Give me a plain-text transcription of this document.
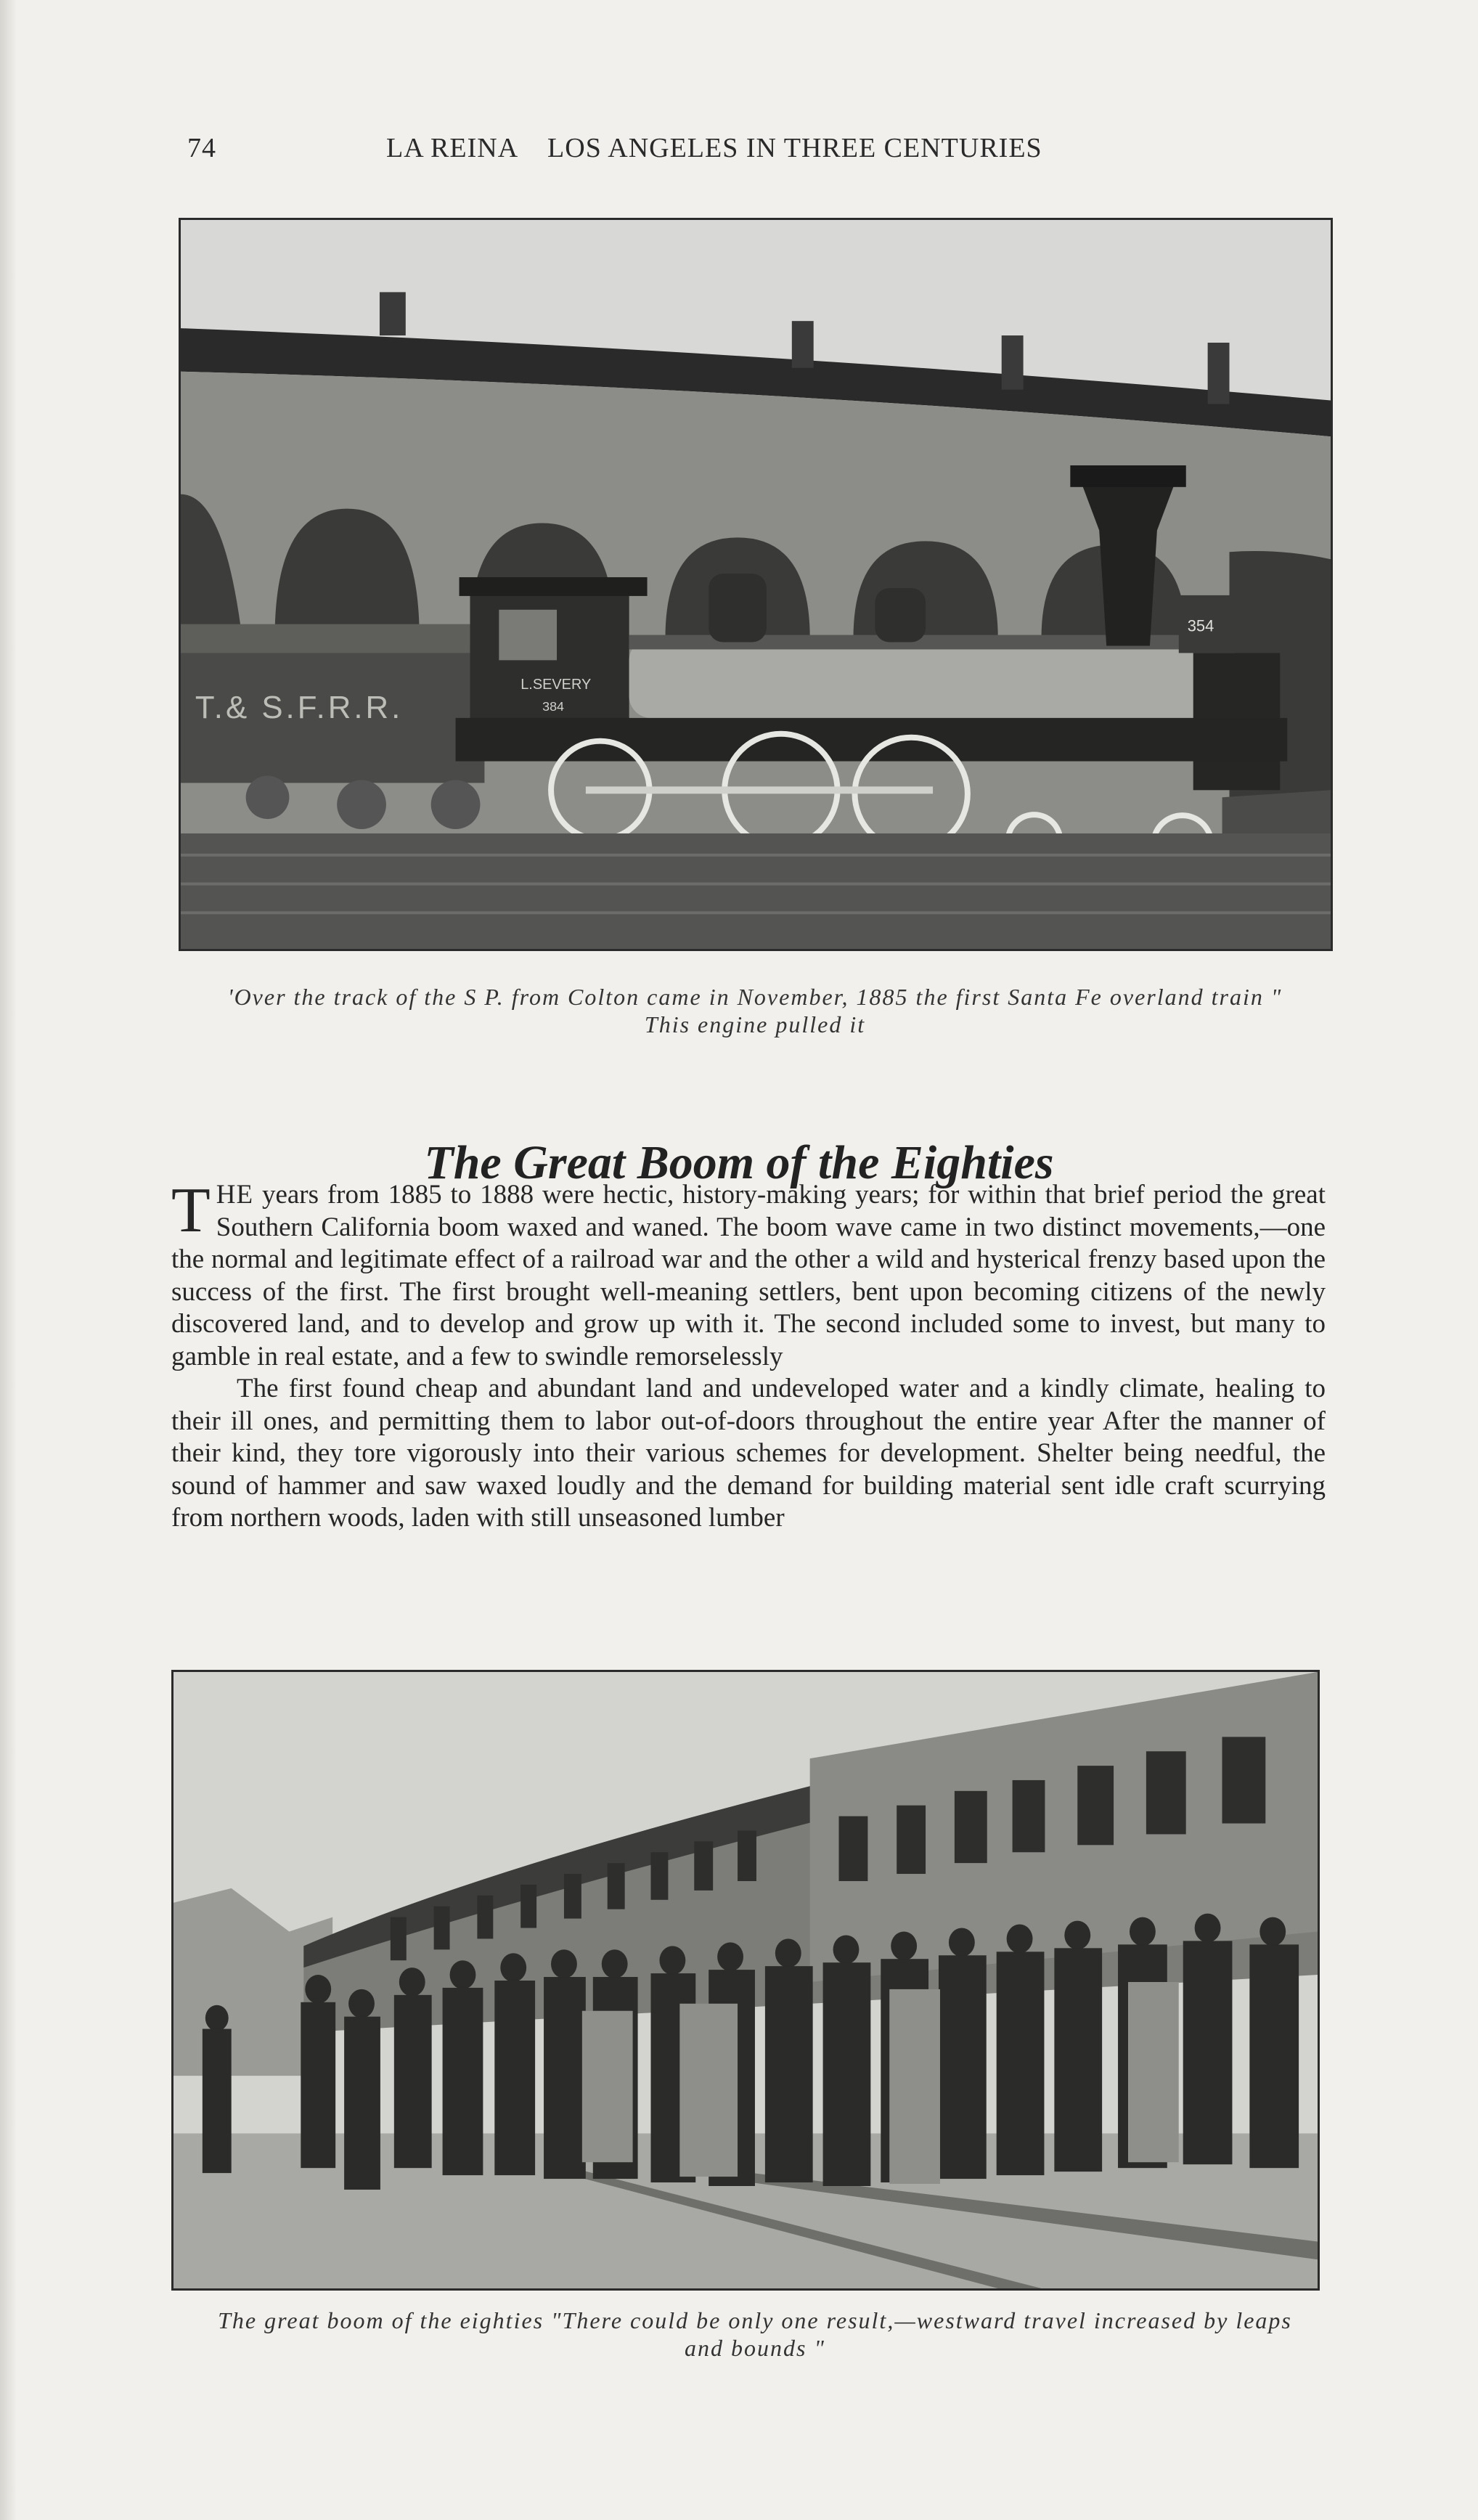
74	LA REINA    LOS ANGELES IN THREE CENTURIES
T.& S.F.R.R.
L.SEVERY
384
354
'Over the track of the S P. from Colton came in November, 1885 the first Santa Fe overland train " This engine pulled it
The Great Boom of the Eighties

THE years from 1885 to 1888 were hectic, history-making years; for within that brief period the great Southern California boom waxed and waned. The boom wave came in two distinct movements,—one the normal and legitimate effect of a railroad war and the other a wild and hysterical frenzy based upon the success of the first. The first brought well-meaning settlers, bent upon becoming citizens of the newly discovered land, and to develop and grow up with it. The second included some to invest, but many to gamble in real estate, and a few to swindle remorselessly

The first found cheap and abundant land and undeveloped water and a kindly climate, healing to their ill ones, and permitting them to labor out-of-doors throughout the entire year After the manner of their kind, they tore vigorously into their various schemes for development. Shelter being needful, the sound of hammer and saw waxed loudly and the demand for building material sent idle craft scurrying from northern woods, laden with still unseasoned lumber

The great boom of the eighties "There could be only one result,—westward travel increased by leaps and bounds "
